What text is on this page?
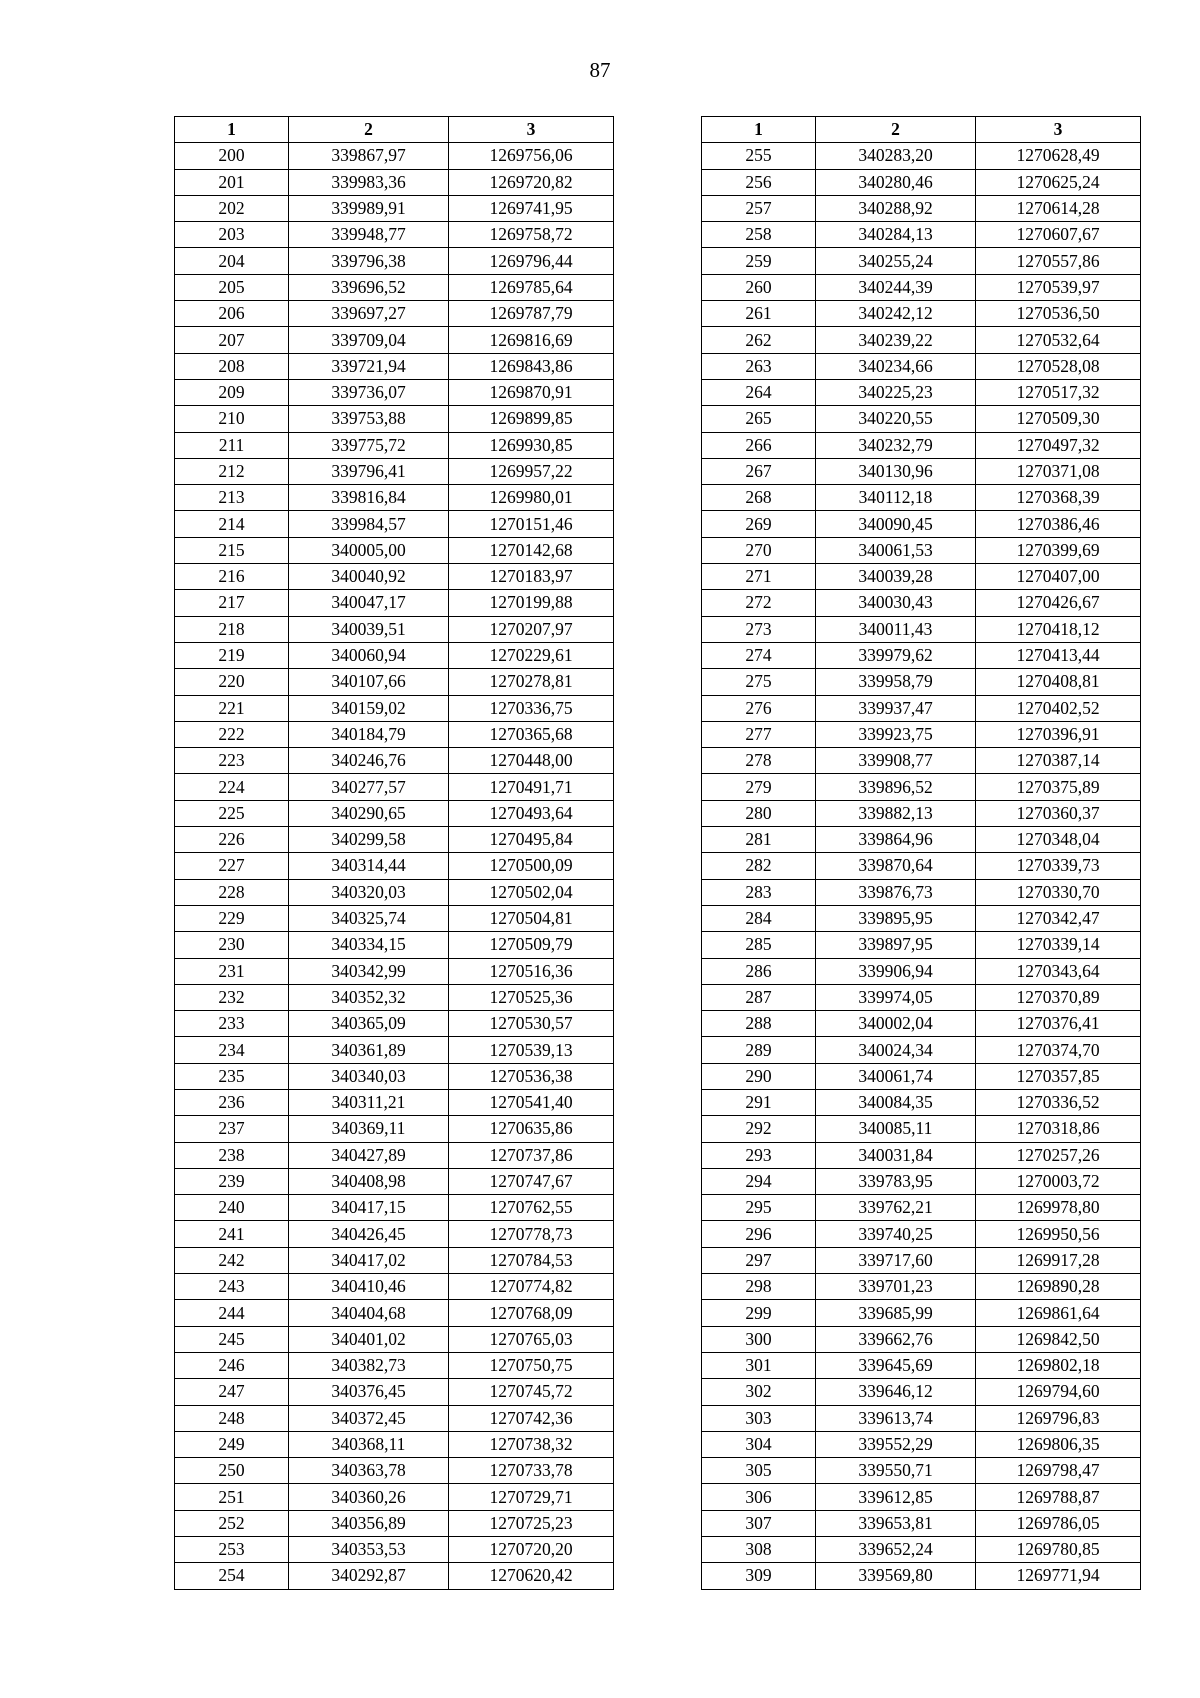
87
1	2	3
200	339867,97	1269756,06
201	339983,36	1269720,82
202	339989,91	1269741,95
203	339948,77	1269758,72
204	339796,38	1269796,44
205	339696,52	1269785,64
206	339697,27	1269787,79
207	339709,04	1269816,69
208	339721,94	1269843,86
209	339736,07	1269870,91
210	339753,88	1269899,85
211	339775,72	1269930,85
212	339796,41	1269957,22
213	339816,84	1269980,01
214	339984,57	1270151,46
215	340005,00	1270142,68
216	340040,92	1270183,97
217	340047,17	1270199,88
218	340039,51	1270207,97
219	340060,94	1270229,61
220	340107,66	1270278,81
221	340159,02	1270336,75
222	340184,79	1270365,68
223	340246,76	1270448,00
224	340277,57	1270491,71
225	340290,65	1270493,64
226	340299,58	1270495,84
227	340314,44	1270500,09
228	340320,03	1270502,04
229	340325,74	1270504,81
230	340334,15	1270509,79
231	340342,99	1270516,36
232	340352,32	1270525,36
233	340365,09	1270530,57
234	340361,89	1270539,13
235	340340,03	1270536,38
236	340311,21	1270541,40
237	340369,11	1270635,86
238	340427,89	1270737,86
239	340408,98	1270747,67
240	340417,15	1270762,55
241	340426,45	1270778,73
242	340417,02	1270784,53
243	340410,46	1270774,82
244	340404,68	1270768,09
245	340401,02	1270765,03
246	340382,73	1270750,75
247	340376,45	1270745,72
248	340372,45	1270742,36
249	340368,11	1270738,32
250	340363,78	1270733,78
251	340360,26	1270729,71
252	340356,89	1270725,23
253	340353,53	1270720,20
254	340292,87	1270620,42
1	2	3
255	340283,20	1270628,49
256	340280,46	1270625,24
257	340288,92	1270614,28
258	340284,13	1270607,67
259	340255,24	1270557,86
260	340244,39	1270539,97
261	340242,12	1270536,50
262	340239,22	1270532,64
263	340234,66	1270528,08
264	340225,23	1270517,32
265	340220,55	1270509,30
266	340232,79	1270497,32
267	340130,96	1270371,08
268	340112,18	1270368,39
269	340090,45	1270386,46
270	340061,53	1270399,69
271	340039,28	1270407,00
272	340030,43	1270426,67
273	340011,43	1270418,12
274	339979,62	1270413,44
275	339958,79	1270408,81
276	339937,47	1270402,52
277	339923,75	1270396,91
278	339908,77	1270387,14
279	339896,52	1270375,89
280	339882,13	1270360,37
281	339864,96	1270348,04
282	339870,64	1270339,73
283	339876,73	1270330,70
284	339895,95	1270342,47
285	339897,95	1270339,14
286	339906,94	1270343,64
287	339974,05	1270370,89
288	340002,04	1270376,41
289	340024,34	1270374,70
290	340061,74	1270357,85
291	340084,35	1270336,52
292	340085,11	1270318,86
293	340031,84	1270257,26
294	339783,95	1270003,72
295	339762,21	1269978,80
296	339740,25	1269950,56
297	339717,60	1269917,28
298	339701,23	1269890,28
299	339685,99	1269861,64
300	339662,76	1269842,50
301	339645,69	1269802,18
302	339646,12	1269794,60
303	339613,74	1269796,83
304	339552,29	1269806,35
305	339550,71	1269798,47
306	339612,85	1269788,87
307	339653,81	1269786,05
308	339652,24	1269780,85
309	339569,80	1269771,94
